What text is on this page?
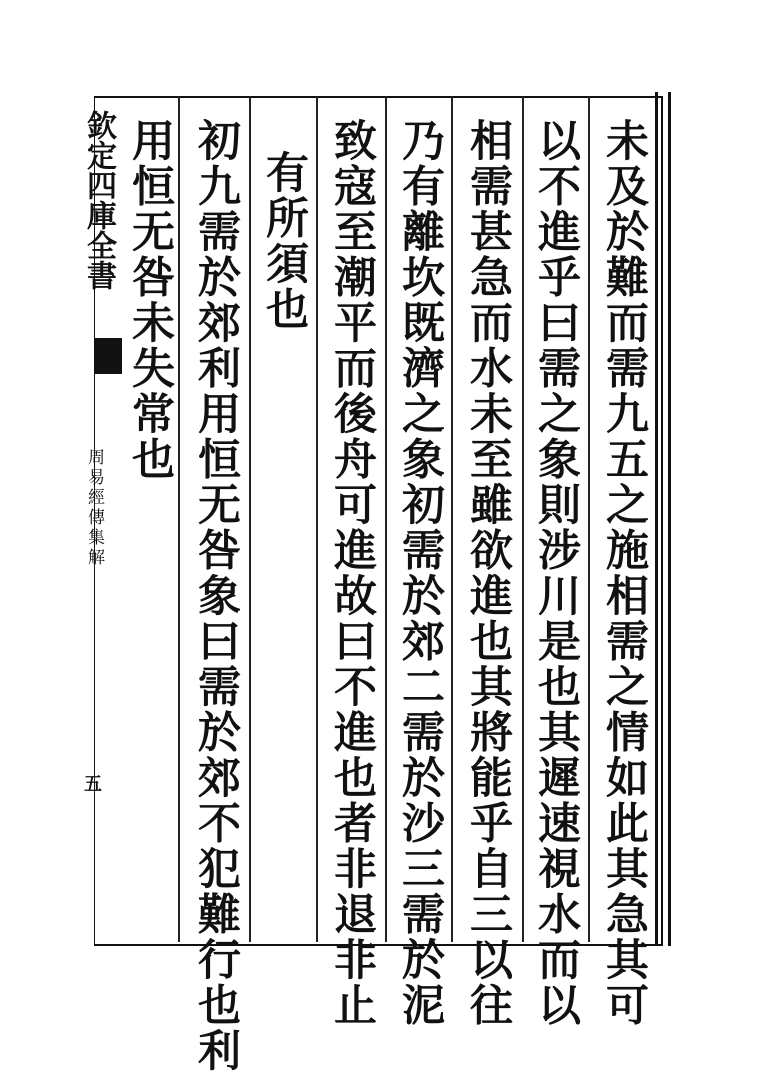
欽定四庫全書
周易經傳集解
五	未及於難而需九五之施相需之情如此其急其可
以不進乎曰需之象則涉川是也其遲速視水而以
相需甚急而水未至雖欲進也其將能乎自三以往
乃有離坎既濟之象初需於郊二需於沙三需於泥
致寇至潮平而後舟可進故曰不進也者非退非止
有所須也
初九需於郊利用恒无咎象曰需於郊不犯難行也利
用恒无咎未失常也
